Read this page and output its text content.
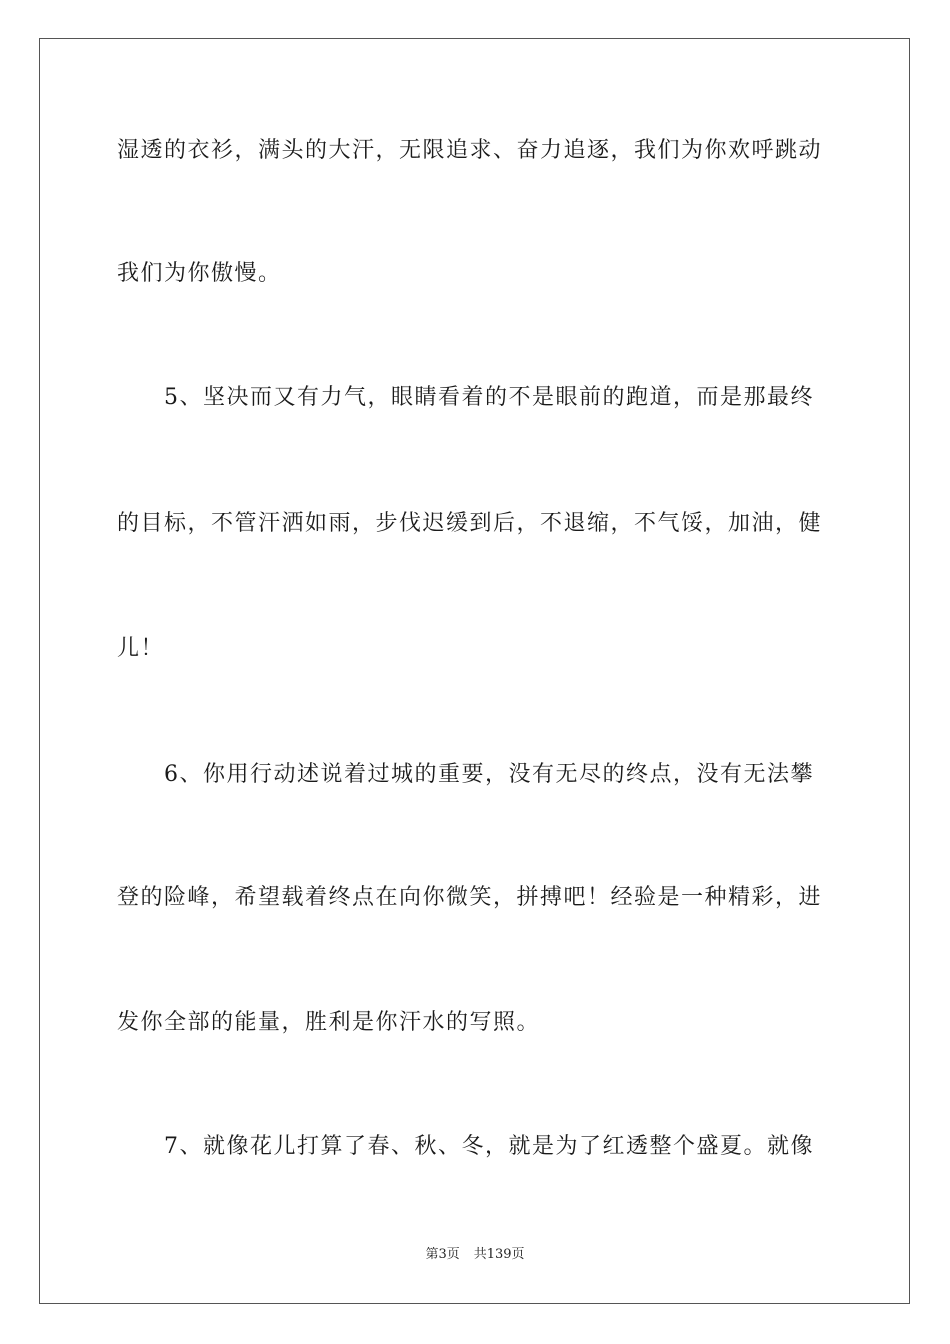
湿透的衣衫，满头的大汗，无限追求、奋力追逐，我们为你欢呼跳动
我们为你傲慢。
　　5、坚决而又有力气，眼睛看着的不是眼前的跑道，而是那最终
的目标，不管汗洒如雨，步伐迟缓到后，不退缩，不气馁，加油，健
儿！
　　6、你用行动述说着过城的重要，没有无尽的终点，没有无法攀
登的险峰，希望载着终点在向你微笑，拼搏吧！经验是一种精彩，进
发你全部的能量，胜利是你汗水的写照。
　　7、就像花儿打算了春、秋、冬，就是为了红透整个盛夏。就像
第3页 共139页
